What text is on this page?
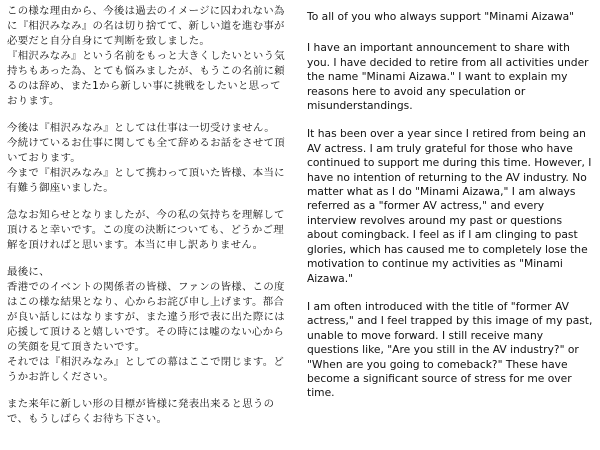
この様な理由から、今後は過去のイメージに囚われない為に『相沢みなみ』の名は切り捨てて、新しい道を進む事が必要だと自分自身にて判断を致しました。
『相沢みなみ』という名前をもっと大きくしたいという気持ちもあった為、とても悩みましたが、もうこの名前に頼るのは辞め、また1から新しい事に挑戦をしたいと思っております。

今後は『相沢みなみ』としては仕事は一切受けません。
今続けているお仕事に関しても全て辞めるお話をさせて頂いております。
今まで『相沢みなみ』として携わって頂いた皆様、本当に有難う御座いました。

急なお知らせとなりましたが、今の私の気持ちを理解して頂けると幸いです。この度の決断についても、どうかご理解を頂ければと思います。本当に申し訳ありません。

最後に、
香港でのイベントの関係者の皆様、ファンの皆様、この度はこの様な結果となり、心からお詫び申し上げます。都合が良い話しにはなりますが、また違う形で表に出た際には応援して頂けると嬉しいです。その時には嘘のない心からの笑顔を見て頂きたいです。
それでは『相沢みなみ』としての幕はここで閉じます。どうかお許しください。

また来年に新しい形の目標が皆様に発表出来ると思うので、もうしばらくお待ち下さい。

To all of you who always support "Minami Aizawa"

I have an important announcement to share with you. I have decided to retire from all activities under the name "Minami Aizawa." I want to explain my reasons here to avoid any speculation or misunderstandings.

It has been over a year since I retired from being an AV actress. I am truly grateful for those who have continued to support me during this time. However, I have no intention of returning to the AV industry. No matter what as I do "Minami Aizawa," I am always referred as a "former AV actress," and every interview revolves around my past or questions about comingback. I feel as if I am clinging to past glories, which has caused me to completely lose the motivation to continue my activities as "Minami Aizawa."

I am often introduced with the title of "former AV actress," and I feel trapped by this image of my past, unable to move forward. I still receive many questions like, "Are you still in the AV industry?" or "When are you going to comeback?" These have become a significant source of stress for me over time.
